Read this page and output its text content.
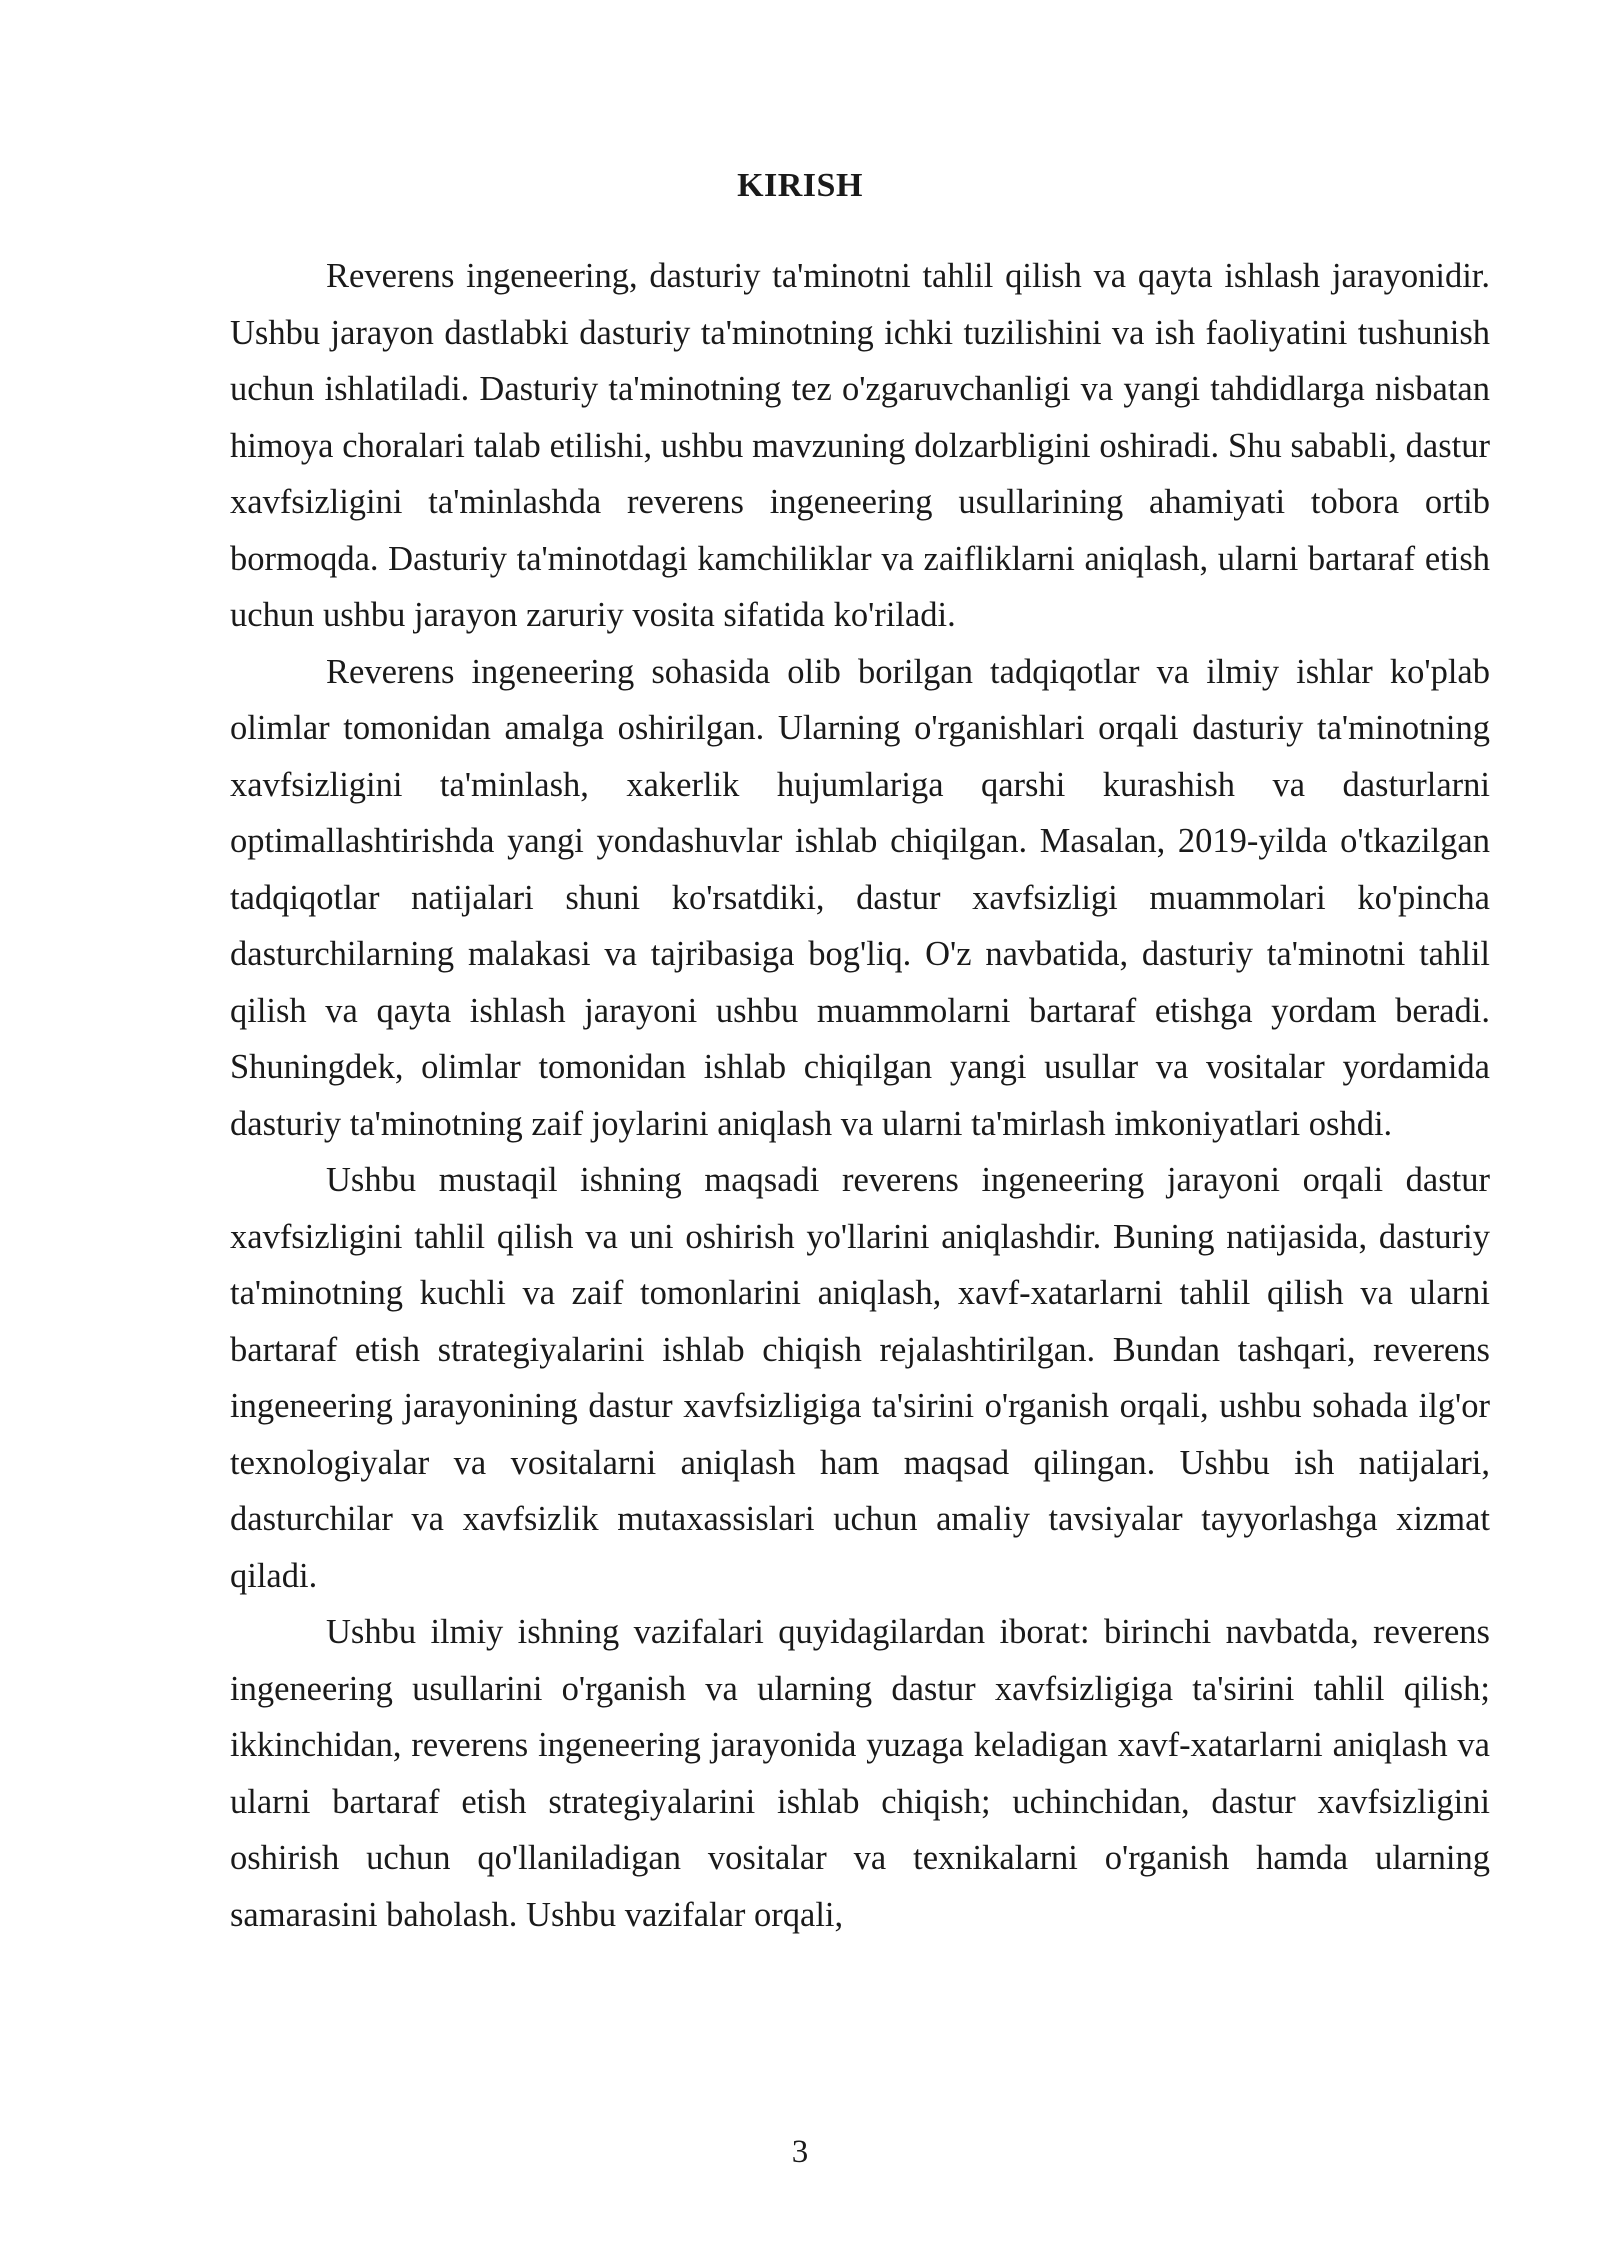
KIRISH

Reverens ingeneering, dasturiy ta'minotni tahlil qilish va qayta ishlash jarayonidir. Ushbu jarayon dastlabki dasturiy ta'minotning ichki tuzilishini va ish faoliyatini tushunish uchun ishlatiladi. Dasturiy ta'minotning tez o'zgaruvchanligi va yangi tahdidlarga nisbatan himoya choralari talab etilishi, ushbu mavzuning dolzarbligini oshiradi. Shu sababli, dastur xavfsizligini ta'minlashda reverens ingeneering usullarining ahamiyati tobora ortib bormoqda. Dasturiy ta'minotdagi kamchiliklar va zaifliklarni aniqlash, ularni bartaraf etish uchun ushbu jarayon zaruriy vosita sifatida ko'riladi.

Reverens ingeneering sohasida olib borilgan tadqiqotlar va ilmiy ishlar ko'plab olimlar tomonidan amalga oshirilgan. Ularning o'rganishlari orqali dasturiy ta'minotning xavfsizligini ta'minlash, xakerlik hujumlariga qarshi kurashish va dasturlarni optimallashtirishda yangi yondashuvlar ishlab chiqilgan. Masalan, 2019-yilda o'tkazilgan tadqiqotlar natijalari shuni ko'rsatdiki, dastur xavfsizligi muammolari ko'pincha dasturchilarning malakasi va tajribasiga bog'liq. O'z navbatida, dasturiy ta'minotni tahlil qilish va qayta ishlash jarayoni ushbu muammolarni bartaraf etishga yordam beradi. Shuningdek, olimlar tomonidan ishlab chiqilgan yangi usullar va vositalar yordamida dasturiy ta'minotning zaif joylarini aniqlash va ularni ta'mirlash imkoniyatlari oshdi.

Ushbu mustaqil ishning maqsadi reverens ingeneering jarayoni orqali dastur xavfsizligini tahlil qilish va uni oshirish yo'llarini aniqlashdir. Buning natijasida, dasturiy ta'minotning kuchli va zaif tomonlarini aniqlash, xavf-xatarlarni tahlil qilish va ularni bartaraf etish strategiyalarini ishlab chiqish rejalashtirilgan. Bundan tashqari, reverens ingeneering jarayonining dastur xavfsizligiga ta'sirini o'rganish orqali, ushbu sohada ilg'or texnologiyalar va vositalarni aniqlash ham maqsad qilingan. Ushbu ish natijalari, dasturchilar va xavfsizlik mutaxassislari uchun amaliy tavsiyalar tayyorlashga xizmat qiladi.

Ushbu ilmiy ishning vazifalari quyidagilardan iborat: birinchi navbatda, reverens ingeneering usullarini o'rganish va ularning dastur xavfsizligiga ta'sirini tahlil qilish; ikkinchidan, reverens ingeneering jarayonida yuzaga keladigan xavf-xatarlarni aniqlash va ularni bartaraf etish strategiyalarini ishlab chiqish; uchinchidan, dastur xavfsizligini oshirish uchun qo'llaniladigan vositalar va texnikalarni o'rganish hamda ularning samarasini baholash. Ushbu vazifalar orqali,

3
